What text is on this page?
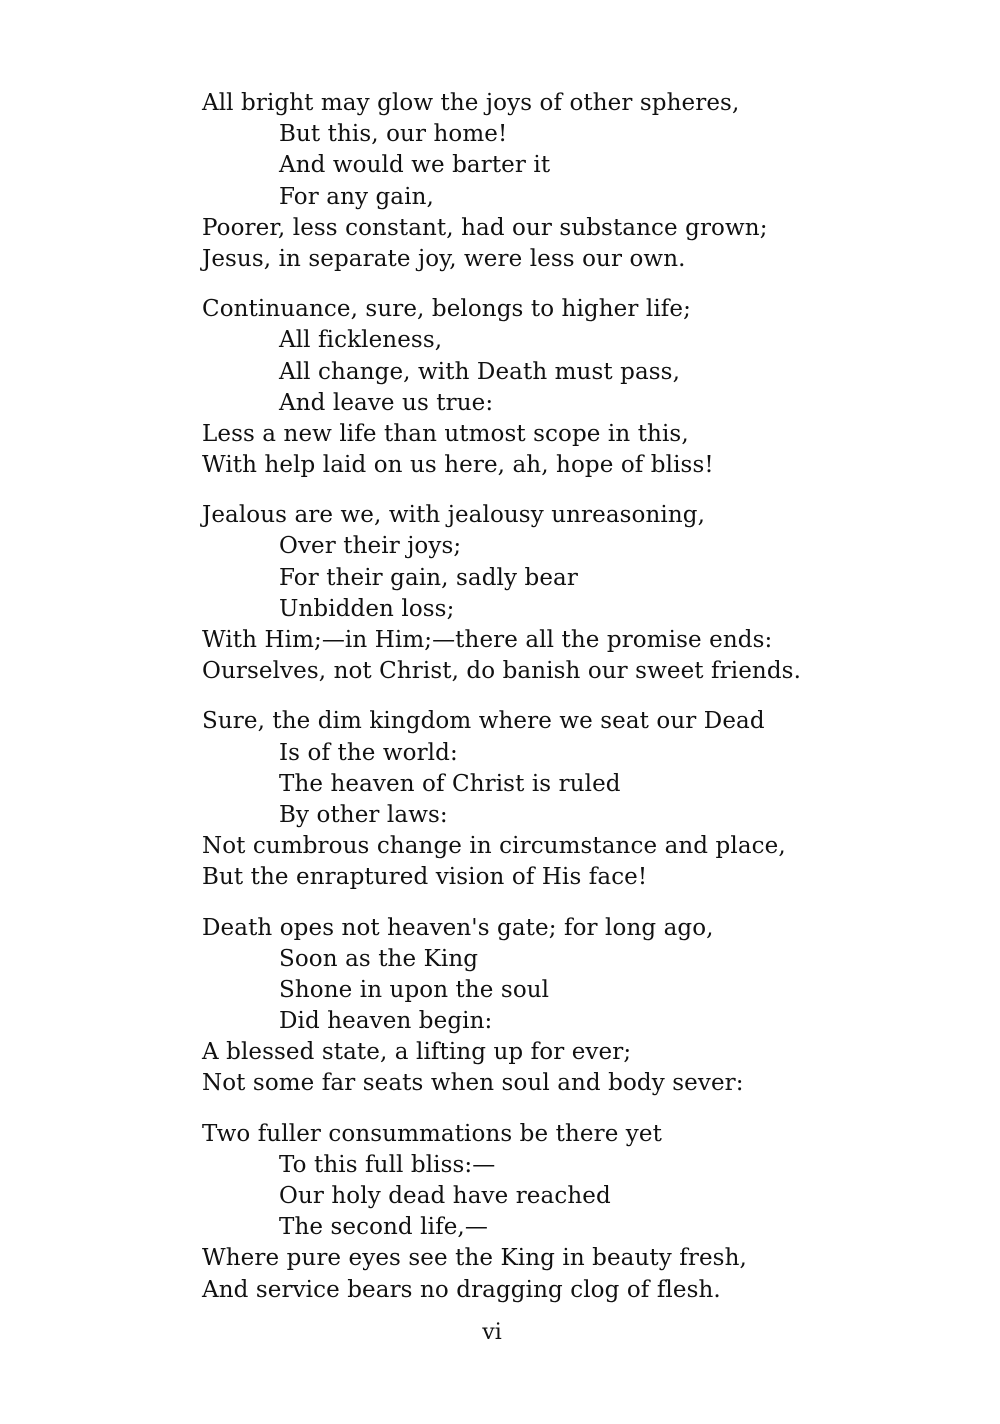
All bright may glow the joys of other spheres,
But this, our home!
And would we barter it
For any gain,
Poorer, less constant, had our substance grown;
Jesus, in separate joy, were less our own.
Continuance, sure, belongs to higher life;
All fickleness,
All change, with Death must pass,
And leave us true:
Less a new life than utmost scope in this,
With help laid on us here, ah, hope of bliss!
Jealous are we, with jealousy unreasoning,
Over their joys;
For their gain, sadly bear
Unbidden loss;
With Him;—in Him;—there all the promise ends:
Ourselves, not Christ, do banish our sweet friends.
Sure, the dim kingdom where we seat our Dead
Is of the world:
The heaven of Christ is ruled
By other laws:
Not cumbrous change in circumstance and place,
But the enraptured vision of His face!
Death opes not heaven's gate; for long ago,
Soon as the King
Shone in upon the soul
Did heaven begin:
A blessed state, a lifting up for ever;
Not some far seats when soul and body sever:
Two fuller consummations be there yet
To this full bliss:—
Our holy dead have reached
The second life,—
Where pure eyes see the King in beauty fresh,
And service bears no dragging clog of flesh.
vi
